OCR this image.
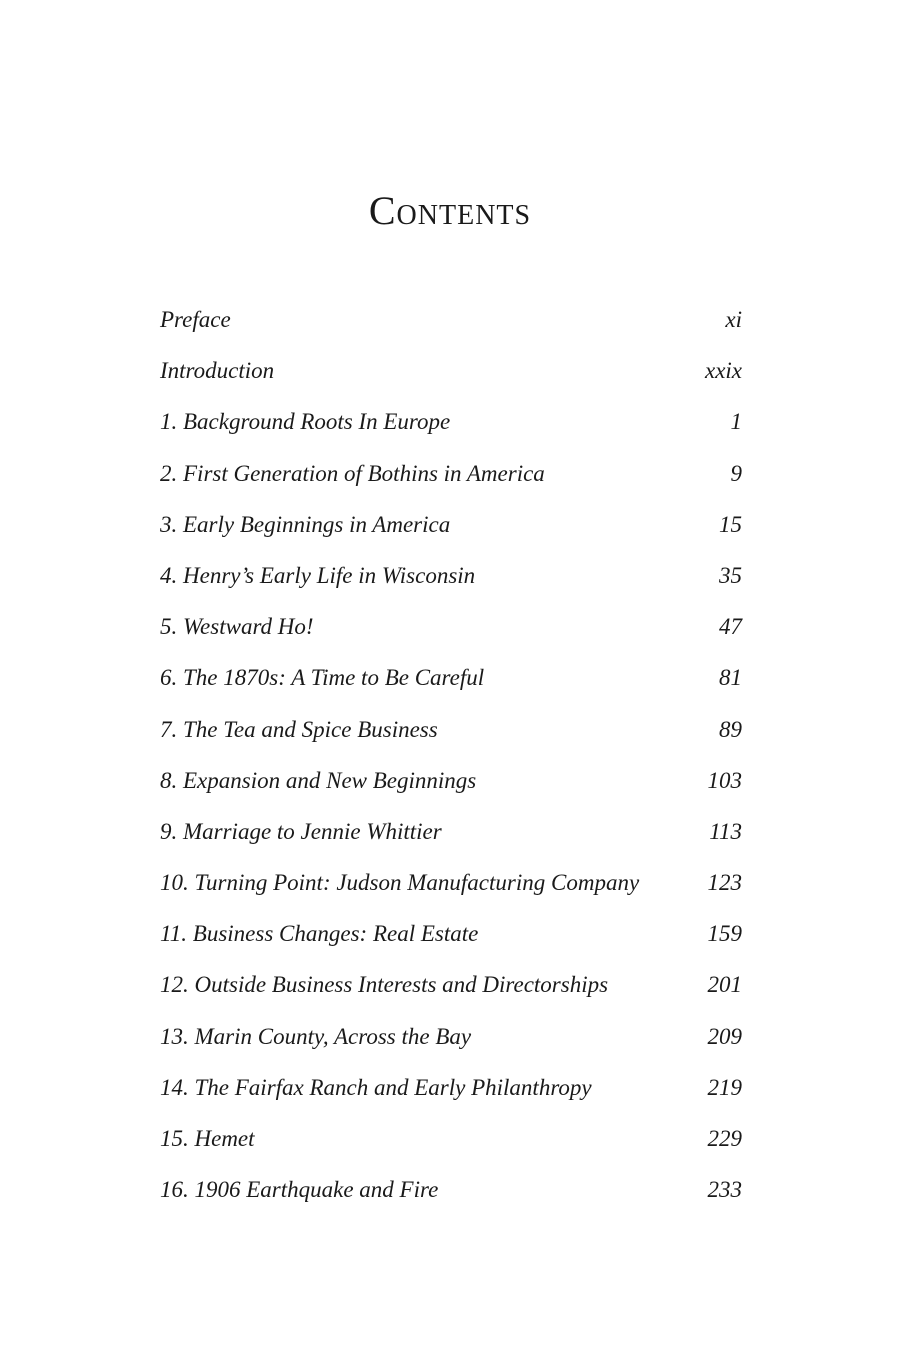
Contents
Preface	xi
Introduction	xxix
1. Background Roots In Europe	1
2. First Generation of Bothins in America	9
3. Early Beginnings in America	15
4. Henry’s Early Life in Wisconsin	35
5. Westward Ho!	47
6. The 1870s: A Time to Be Careful	81
7. The Tea and Spice Business	89
8. Expansion and New Beginnings	103
9. Marriage to Jennie Whittier	113
10. Turning Point: Judson Manufacturing Company	123
11. Business Changes: Real Estate	159
12. Outside Business Interests and Directorships	201
13. Marin County, Across the Bay	209
14. The Fairfax Ranch and Early Philanthropy	219
15. Hemet	229
16. 1906 Earthquake and Fire	233
